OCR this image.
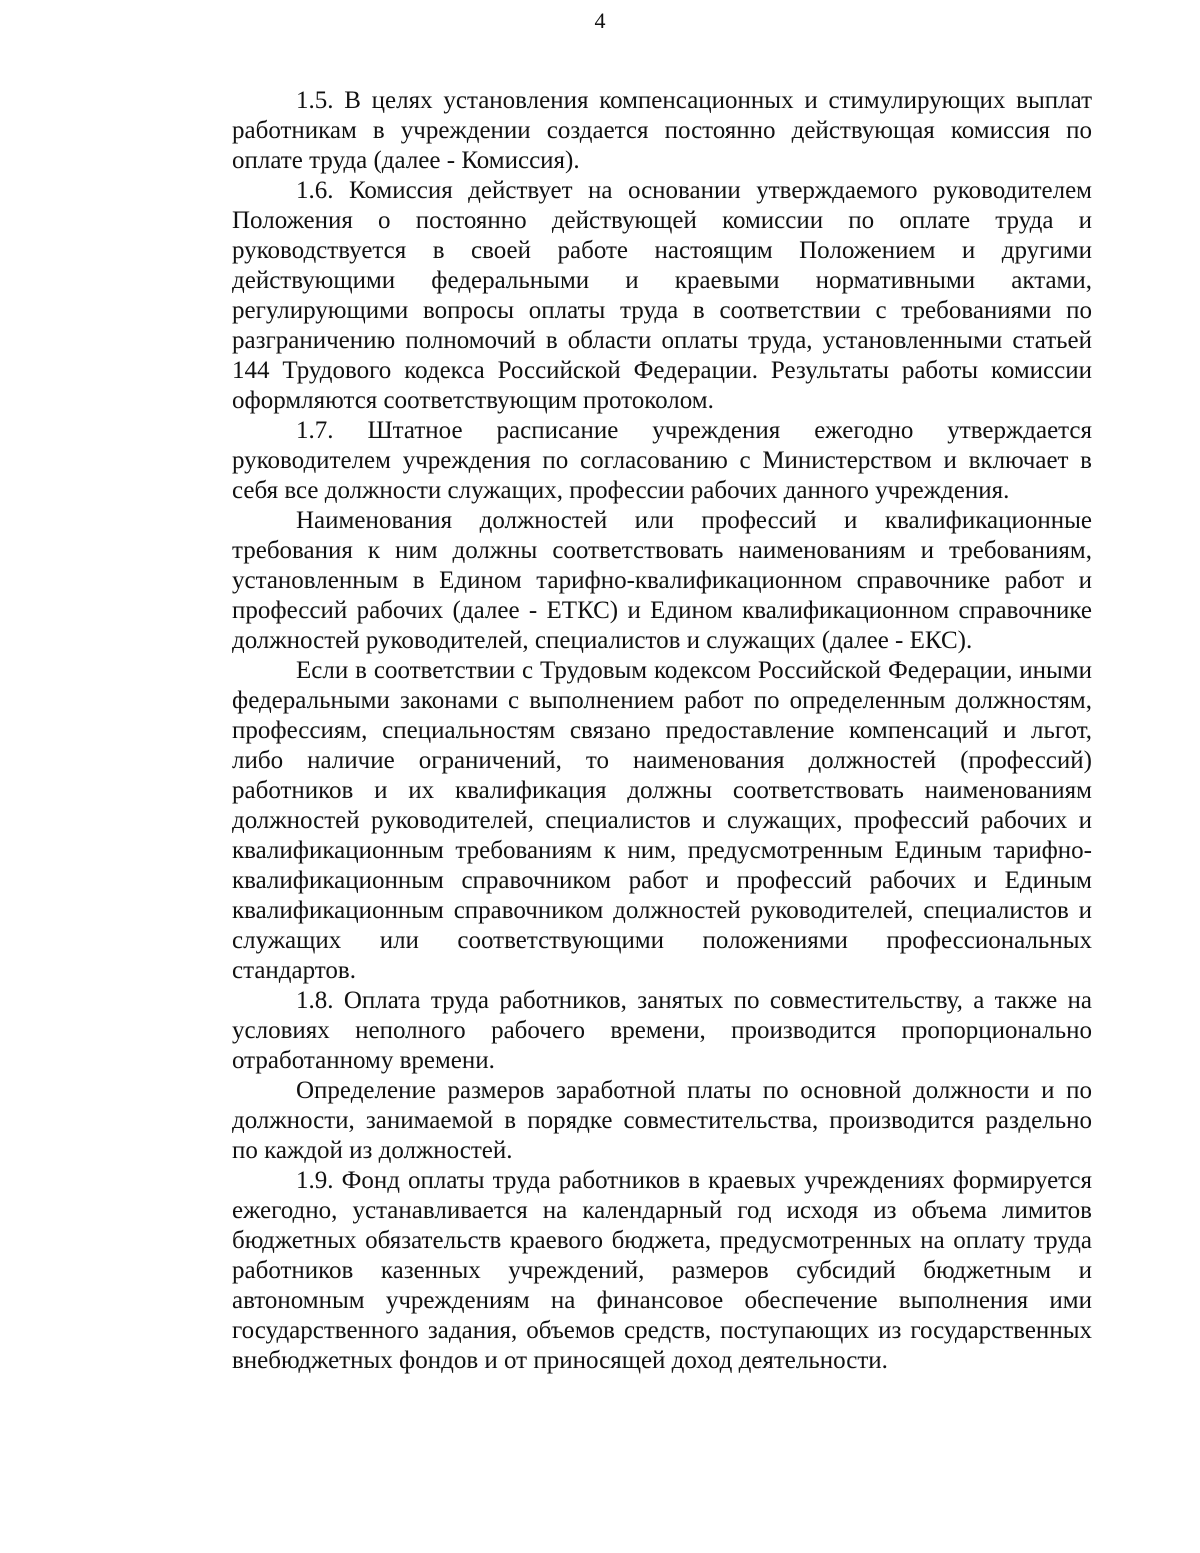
4

1.5. В целях установления компенсационных и стимулирующих выплат работникам в учреждении создается постоянно действующая комиссия по оплате труда (далее - Комиссия).

1.6. Комиссия действует на основании утверждаемого руководителем Положения о постоянно действующей комиссии по оплате труда и руководствуется в своей работе настоящим Положением и другими действующими федеральными и краевыми нормативными актами, регулирующими вопросы оплаты труда в соответствии с требованиями по разграничению полномочий в области оплаты труда, установленными статьей 144 Трудового кодекса Российской Федерации. Результаты работы комиссии оформляются соответствующим протоколом.

1.7. Штатное расписание учреждения ежегодно утверждается руководителем учреждения по согласованию с Министерством и включает в себя все должности служащих, профессии рабочих данного учреждения.

Наименования должностей или профессий и квалификационные требования к ним должны соответствовать наименованиям и требованиям, установленным в Едином тарифно-квалификационном справочнике работ и профессий рабочих (далее - ЕТКС) и Едином квалификационном справочнике должностей руководителей, специалистов и служащих (далее - ЕКС).

Если в соответствии с Трудовым кодексом Российской Федерации, иными федеральными законами с выполнением работ по определенным должностям, профессиям, специальностям связано предоставление компенсаций и льгот, либо наличие ограничений, то наименования должностей (профессий) работников и их квалификация должны соответствовать наименованиям должностей руководителей, специалистов и служащих, профессий рабочих и квалификационным требованиям к ним, предусмотренным Единым тарифно-квалификационным справочником работ и профессий рабочих и Единым квалификационным справочником должностей руководителей, специалистов и служащих или соответствующими положениями профессиональных стандартов.

1.8. Оплата труда работников, занятых по совместительству, а также на условиях неполного рабочего времени, производится пропорционально отработанному времени.

Определение размеров заработной платы по основной должности и по должности, занимаемой в порядке совместительства, производится раздельно по каждой из должностей.

1.9. Фонд оплаты труда работников в краевых учреждениях формируется ежегодно, устанавливается на календарный год исходя из объема лимитов бюджетных обязательств краевого бюджета, предусмотренных на оплату труда работников казенных учреждений, размеров субсидий бюджетным и автономным учреждениям на финансовое обеспечение выполнения ими государственного задания, объемов средств, поступающих из государственных внебюджетных фондов и от приносящей доход деятельности.
